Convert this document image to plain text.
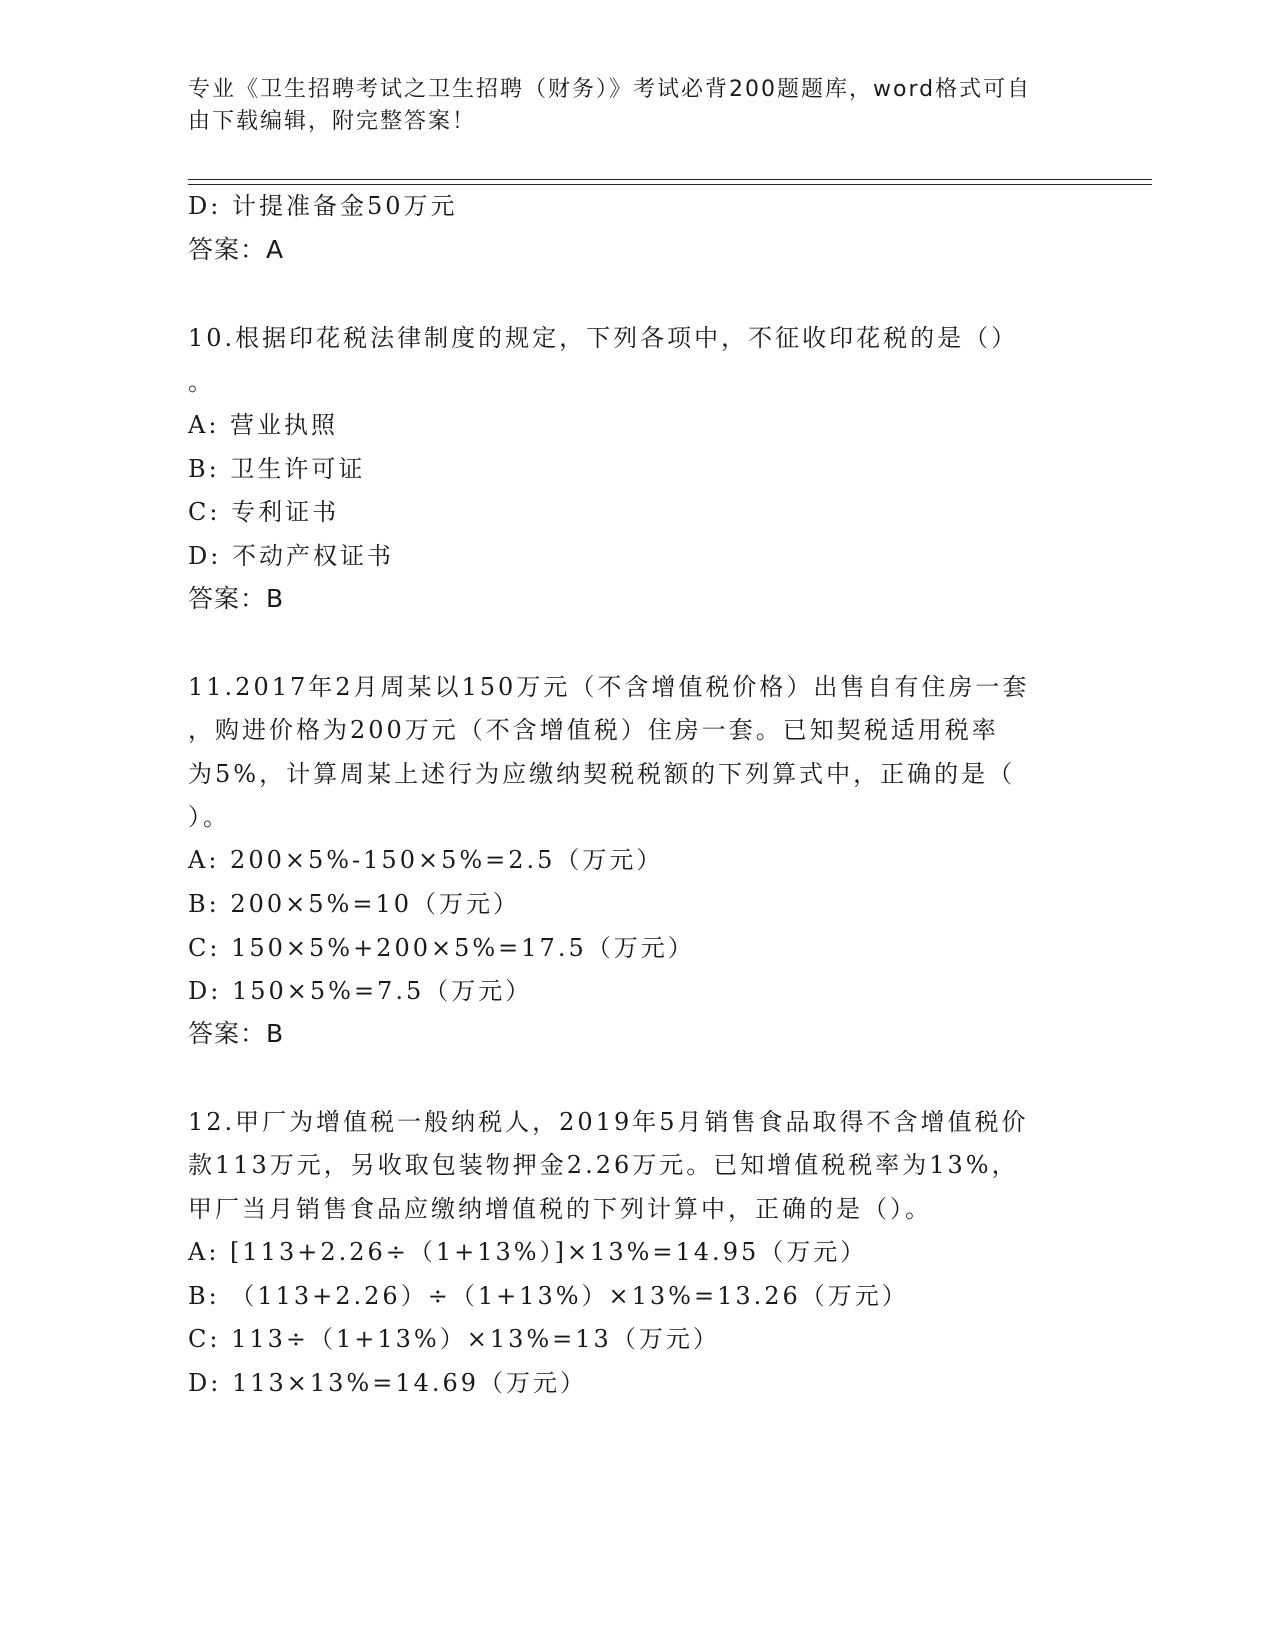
专业《卫生招聘考试之卫生招聘（财务）》考试必背200题题库，word格式可自
由下载编辑，附完整答案！
D: 计提准备金50万元
答案：A
10.根据印花税法律制度的规定，下列各项中，不征收印花税的是（）
。
A: 营业执照
B: 卫生许可证
C: 专利证书
D: 不动产权证书
答案：B
11.2017年2月周某以150万元（不含增值税价格）出售自有住房一套
，购进价格为200万元（不含增值税）住房一套。已知契税适用税率
为5%，计算周某上述行为应缴纳契税税额的下列算式中，正确的是（
）。
A: 200×5%-150×5%=2.5（万元）
B: 200×5%=10（万元）
C: 150×5%+200×5%=17.5（万元）
D: 150×5%=7.5（万元）
答案：B
12.甲厂为增值税一般纳税人，2019年5月销售食品取得不含增值税价
款113万元，另收取包装物押金2.26万元。已知增值税税率为13%，
甲厂当月销售食品应缴纳增值税的下列计算中，正确的是（）。
A: [113+2.26÷（1+13%）]×13%=14.95（万元）
B: （113+2.26）÷（1+13%）×13%=13.26（万元）
C: 113÷（1+13%）×13%=13（万元）
D: 113×13%=14.69（万元）
